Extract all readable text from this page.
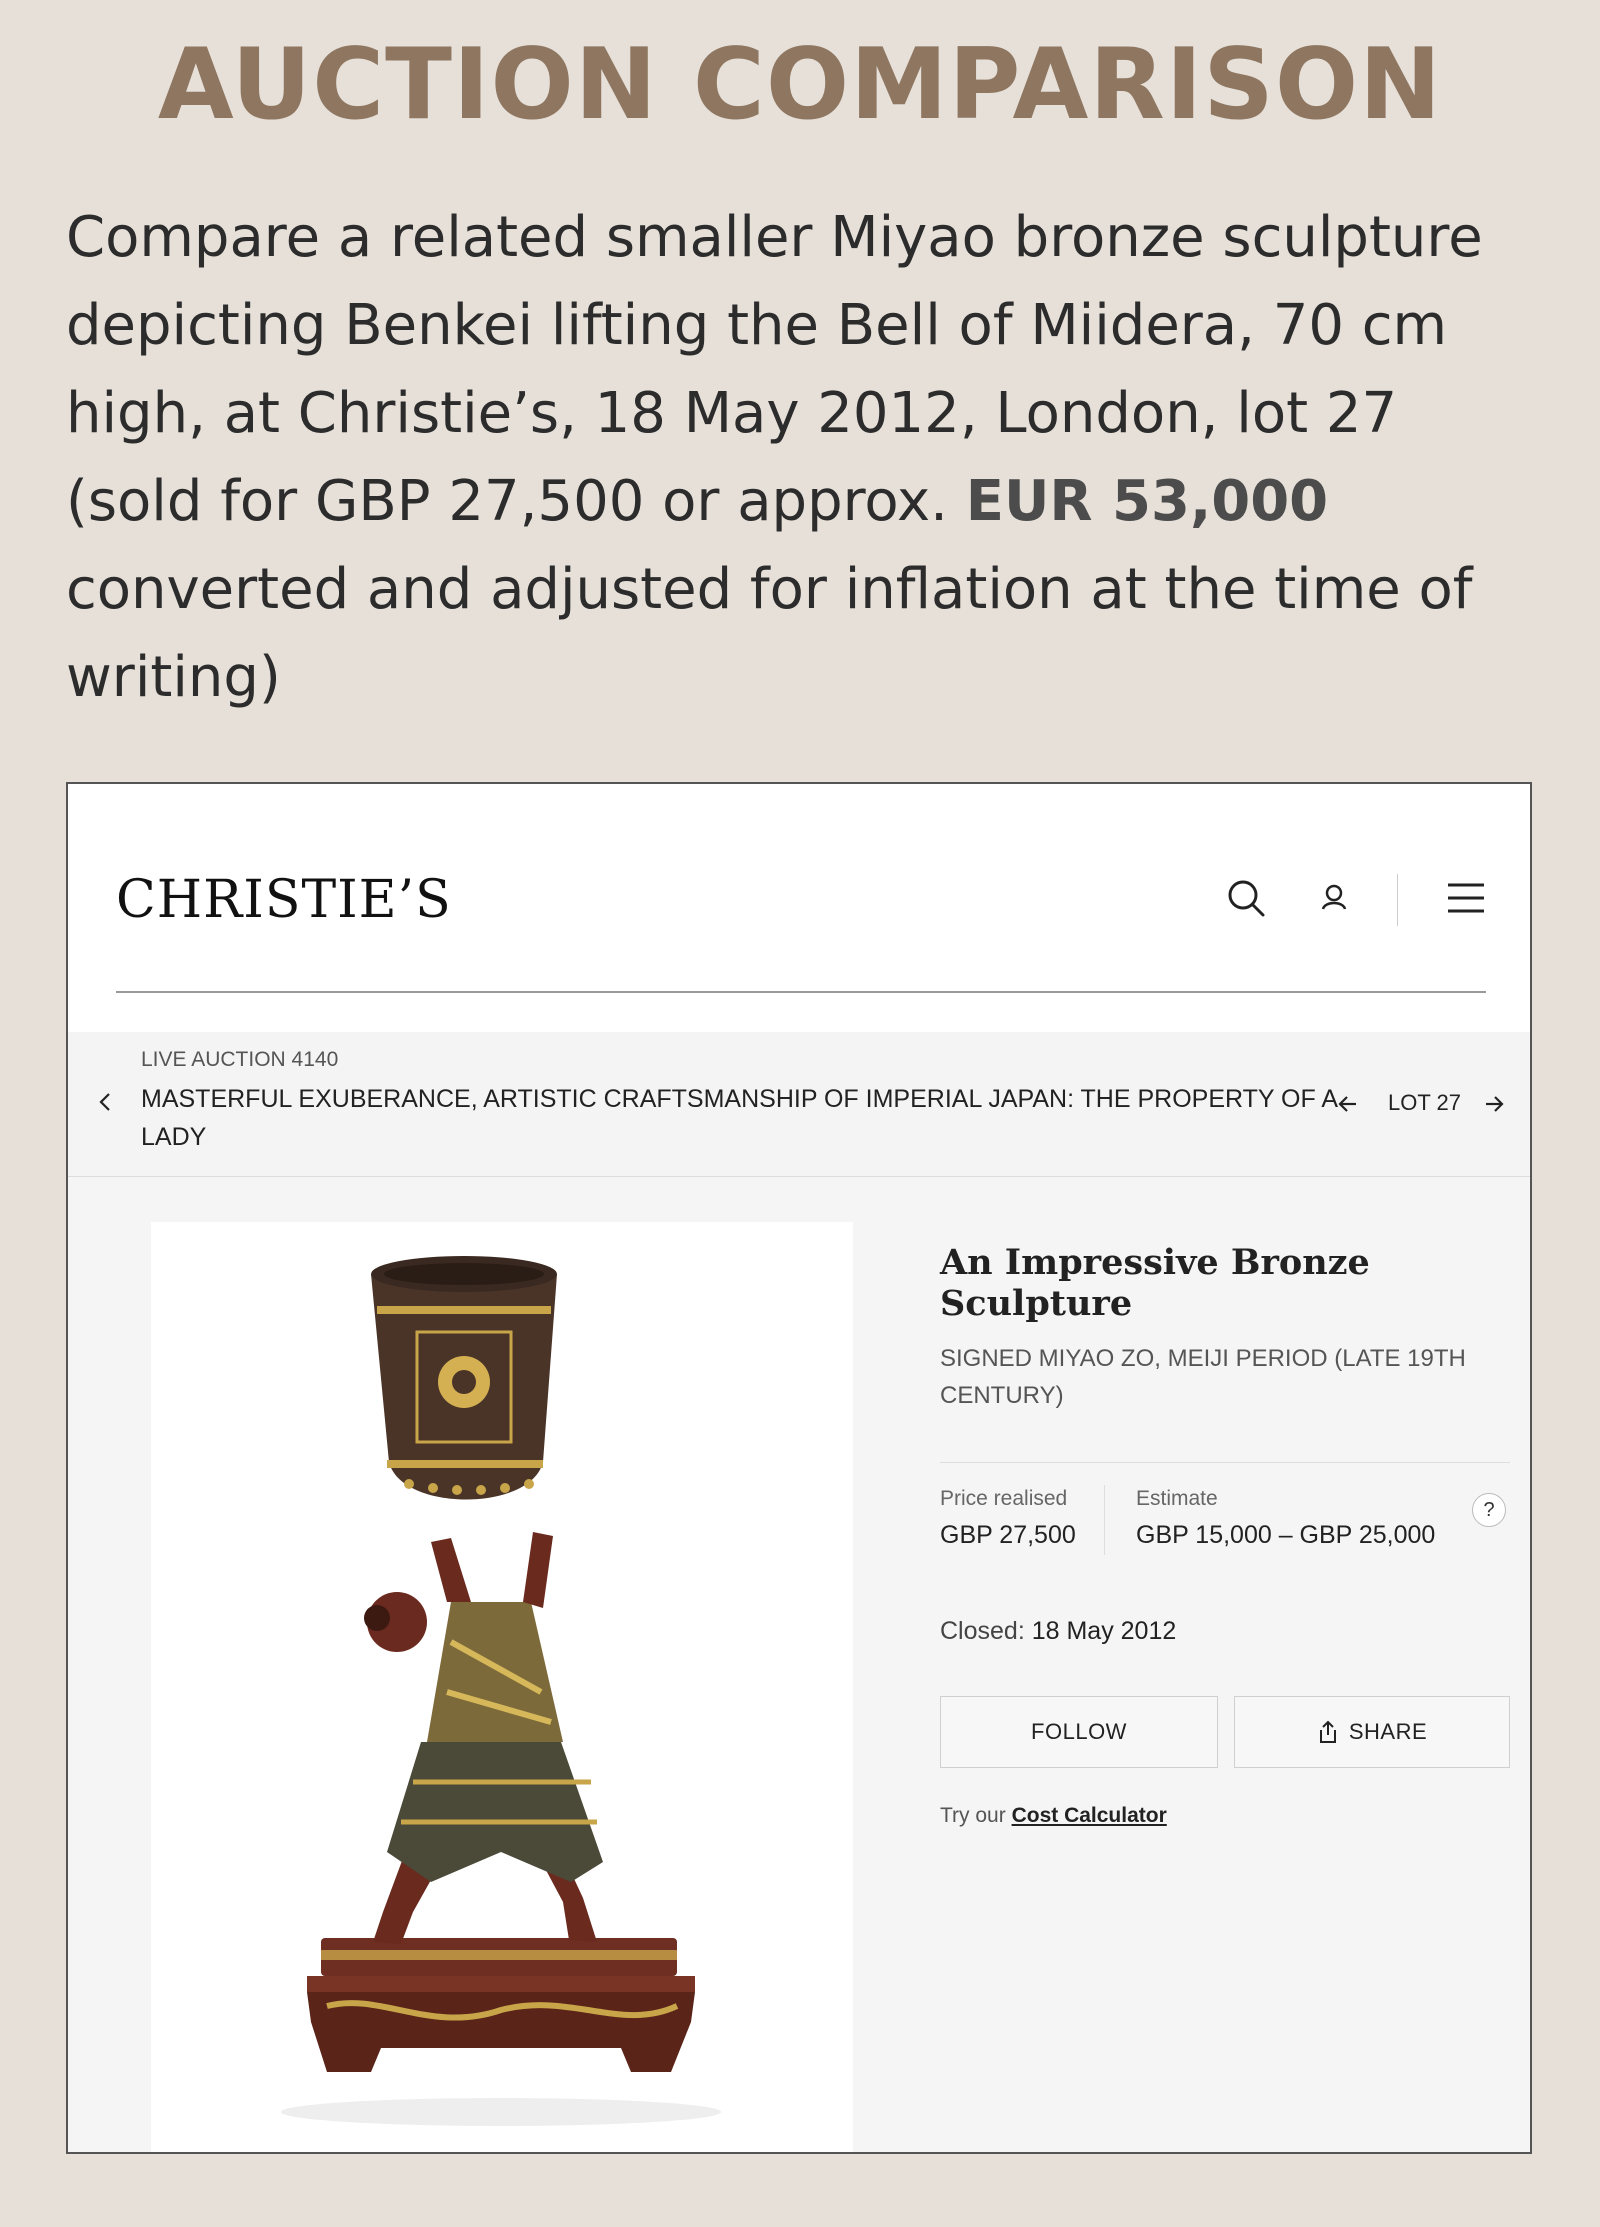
AUCTION COMPARISON
Compare a related smaller Miyao bronze sculpture depicting Benkei lifting the Bell of Miidera, 70 cm high, at Christie’s, 18 May 2012, London, lot 27 (sold for GBP 27,500 or approx. EUR 53,000 converted and adjusted for inflation at the time of writing)
CHRISTIE’S
LIVE AUCTION 4140
MASTERFUL EXUBERANCE, ARTISTIC CRAFTSMANSHIP OF IMPERIAL JAPAN: THE PROPERTY OF A LADY
LOT 27
An Impressive Bronze Sculpture
SIGNED MIYAO ZO, MEIJI PERIOD (LATE 19TH CENTURY)
Price realised
GBP 27,500
Estimate
GBP 15,000 – GBP 25,000
?
Closed: 18 May 2012
FOLLOW	SHARE
Try our Cost Calculator
